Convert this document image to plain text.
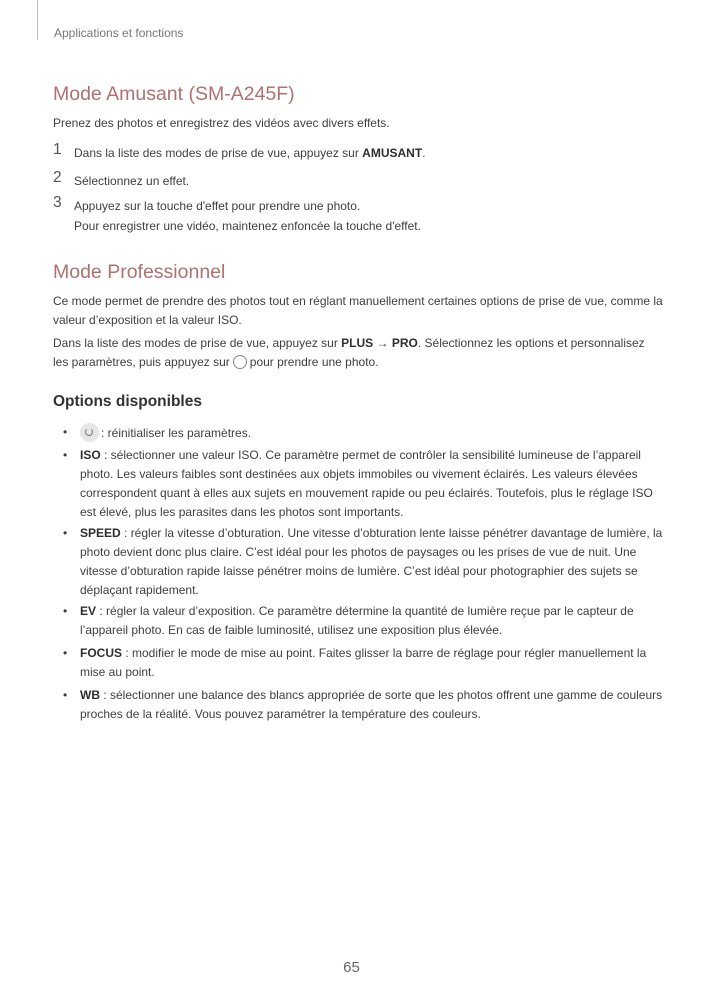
Applications et fonctions
Mode Amusant (SM-A245F)
Prenez des photos et enregistrez des vidéos avec divers effets.
1 Dans la liste des modes de prise de vue, appuyez sur AMUSANT.
2 Sélectionnez un effet.
3 Appuyez sur la touche d'effet pour prendre une photo.
Pour enregistrer une vidéo, maintenez enfoncée la touche d'effet.
Mode Professionnel
Ce mode permet de prendre des photos tout en réglant manuellement certaines options de prise de vue, comme la valeur d’exposition et la valeur ISO.
Dans la liste des modes de prise de vue, appuyez sur PLUS → PRO. Sélectionnez les options et personnalisez les paramètres, puis appuyez sur pour prendre une photo.
Options disponibles
•	: réinitialiser les paramètres.
• ISO : sélectionner une valeur ISO. Ce paramètre permet de contrôler la sensibilité lumineuse de l’appareil photo. Les valeurs faibles sont destinées aux objets immobiles ou vivement éclairés. Les valeurs élevées correspondent quant à elles aux sujets en mouvement rapide ou peu éclairés. Toutefois, plus le réglage ISO est élevé, plus les parasites dans les photos sont importants.
• SPEED : régler la vitesse d’obturation. Une vitesse d’obturation lente laisse pénétrer davantage de lumière, la photo devient donc plus claire. C’est idéal pour les photos de paysages ou les prises de vue de nuit. Une vitesse d’obturation rapide laisse pénétrer moins de lumière. C’est idéal pour photographier des sujets se déplaçant rapidement.
• EV : régler la valeur d’exposition. Ce paramètre détermine la quantité de lumière reçue par le capteur de l’appareil photo. En cas de faible luminosité, utilisez une exposition plus élevée.
• FOCUS : modifier le mode de mise au point. Faites glisser la barre de réglage pour régler manuellement la mise au point.
• WB : sélectionner une balance des blancs appropriée de sorte que les photos offrent une gamme de couleurs proches de la réalité. Vous pouvez paramétrer la température des couleurs.
65
